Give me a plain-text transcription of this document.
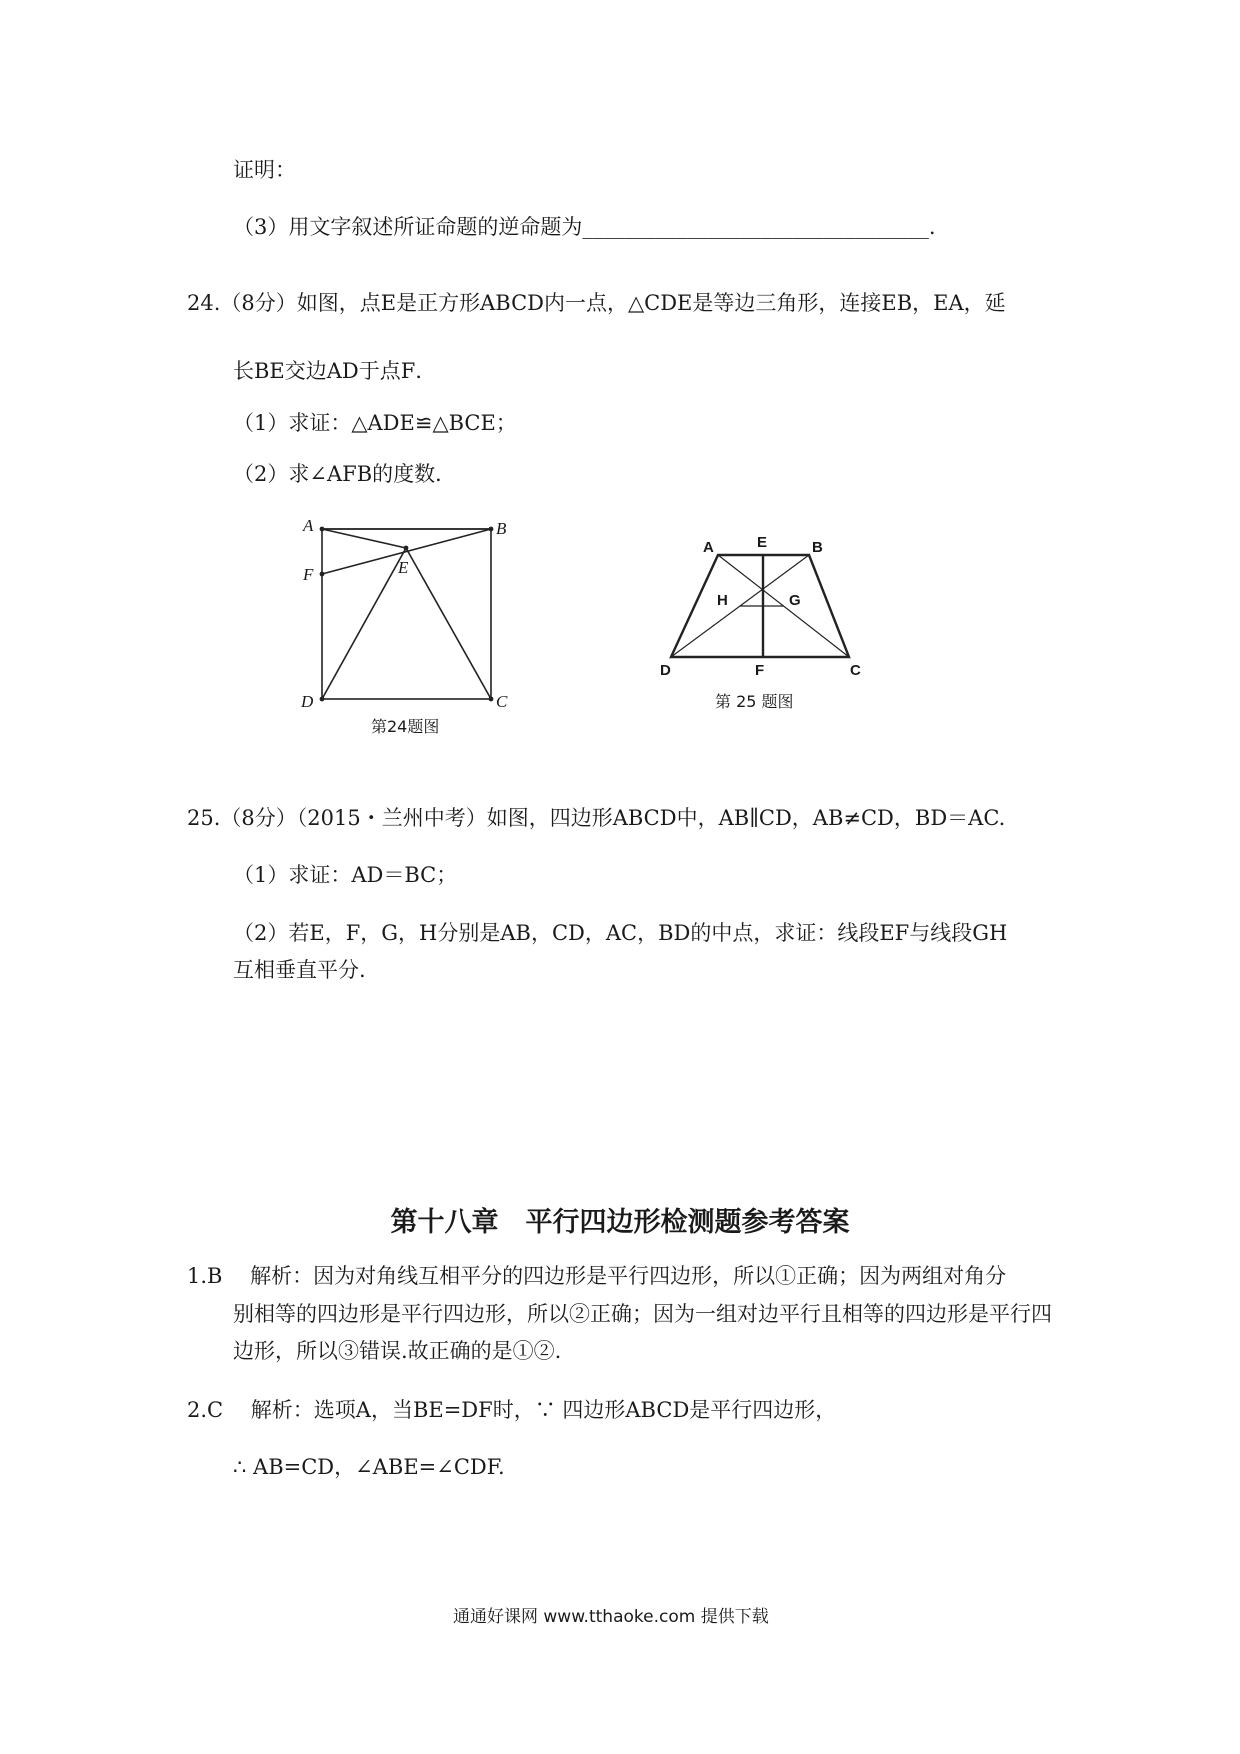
证明：
（3）用文字叙述所证命题的逆命题为_________________________________.
24.（8分）如图，点E是正方形ABCD内一点，△CDE是等边三角形，连接EB，EA，延
长BE交边AD于点F．
（1）求证：△ADE≌△BCE；
（2）求∠AFB的度数．
A	B
F	E
D	C
第24题图
A	E	B
H	G
D	F	C
第 25 题图
25.（8分）（2015・兰州中考）如图，四边形ABCD中，AB∥CD，AB≠CD，BD＝AC.
（1）求证：AD＝BC；
（2）若E，F，G，H分别是AB，CD，AC，BD的中点，求证：线段EF与线段GH
互相垂直平分.
第十八章　平行四边形检测题参考答案
1.B　 解析：因为对角线互相平分的四边形是平行四边形，所以①正确；因为两组对角分
别相等的四边形是平行四边形，所以②正确；因为一组对边平行且相等的四边形是平行四
边形，所以③错误.故正确的是①②.
2.C　 解析：选项A，当BE=DF时，∵ 四边形ABCD是平行四边形，
∴ AB=CD，∠ABE=∠CDF.
通通好课网 www.tthaoke.com 提供下载
